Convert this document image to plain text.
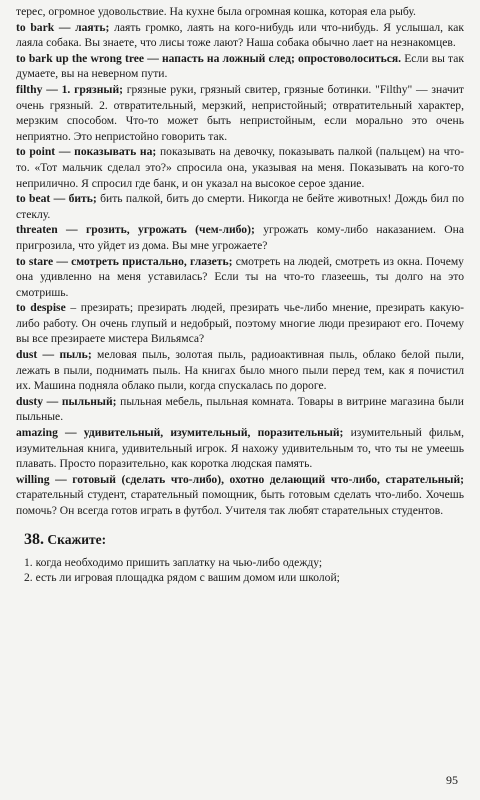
терес, огромное удовольствие. На кухне была огромная кошка, которая ела рыбу.

to bark — лаять; лаять громко, лаять на кого-нибудь или что-нибудь. Я услышал, как лаяла собака. Вы знаете, что лисы тоже лают? Наша собака обычно лает на незнакомцев.

to bark up the wrong tree — напасть на ложный след; опростоволоситься. Если вы так думаете, вы на неверном пути.

filthy — 1. грязный; грязные руки, грязный свитер, грязные ботинки. "Filthy" — значит очень грязный. 2. отвратительный, мерзкий, непристойный; отвратительный характер, мерзким способом. Что-то может быть непристойным, если морально это очень неприятно. Это непристойно говорить так.

to point — показывать на; показывать на девочку, показывать палкой (пальцем) на что-то. «Тот мальчик сделал это?» спросила она, указывая на меня. Показывать на кого-то неприлично. Я спросил где банк, и он указал на высокое серое здание.

to beat — бить; бить палкой, бить до смерти. Никогда не бейте животных! Дождь бил по стеклу.

threaten — грозить, угрожать (чем-либо); угрожать кому-либо наказанием. Она пригрозила, что уйдет из дома. Вы мне угрожаете?

to stare — смотреть пристально, глазеть; смотреть на людей, смотреть из окна. Почему она удивленно на меня уставилась? Если ты на что-то глазеешь, ты долго на это смотришь.

to despise – презирать; презирать людей, презирать чье-либо мнение, презирать какую-либо работу. Он очень глупый и недобрый, поэтому многие люди презирают его. Почему вы все презираете мистера Вильямса?

dust — пыль; меловая пыль, золотая пыль, радиоактивная пыль, облако белой пыли, лежать в пыли, поднимать пыль. На книгах было много пыли перед тем, как я почистил их. Машина подняла облако пыли, когда спускалась по дороге.

dusty — пыльный; пыльная мебель, пыльная комната. Товары в витрине магазина были пыльные.

amazing — удивительный, изумительный, поразительный; изумительный фильм, изумительная книга, удивительный игрок. Я нахожу удивительным то, что ты не умеешь плавать. Просто поразительно, как коротка людская память.

willing — готовый (сделать что-либо), охотно делающий что-либо, старательный; старательный студент, старательный помощник, быть готовым сделать что-либо. Хочешь помочь? Он всегда готов играть в футбол. Учителя так любят старательных студентов.

38. Скажите:
1. когда необходимо пришить заплатку на чью-либо одежду;
2. есть ли игровая площадка рядом с вашим домом или школой;
95
